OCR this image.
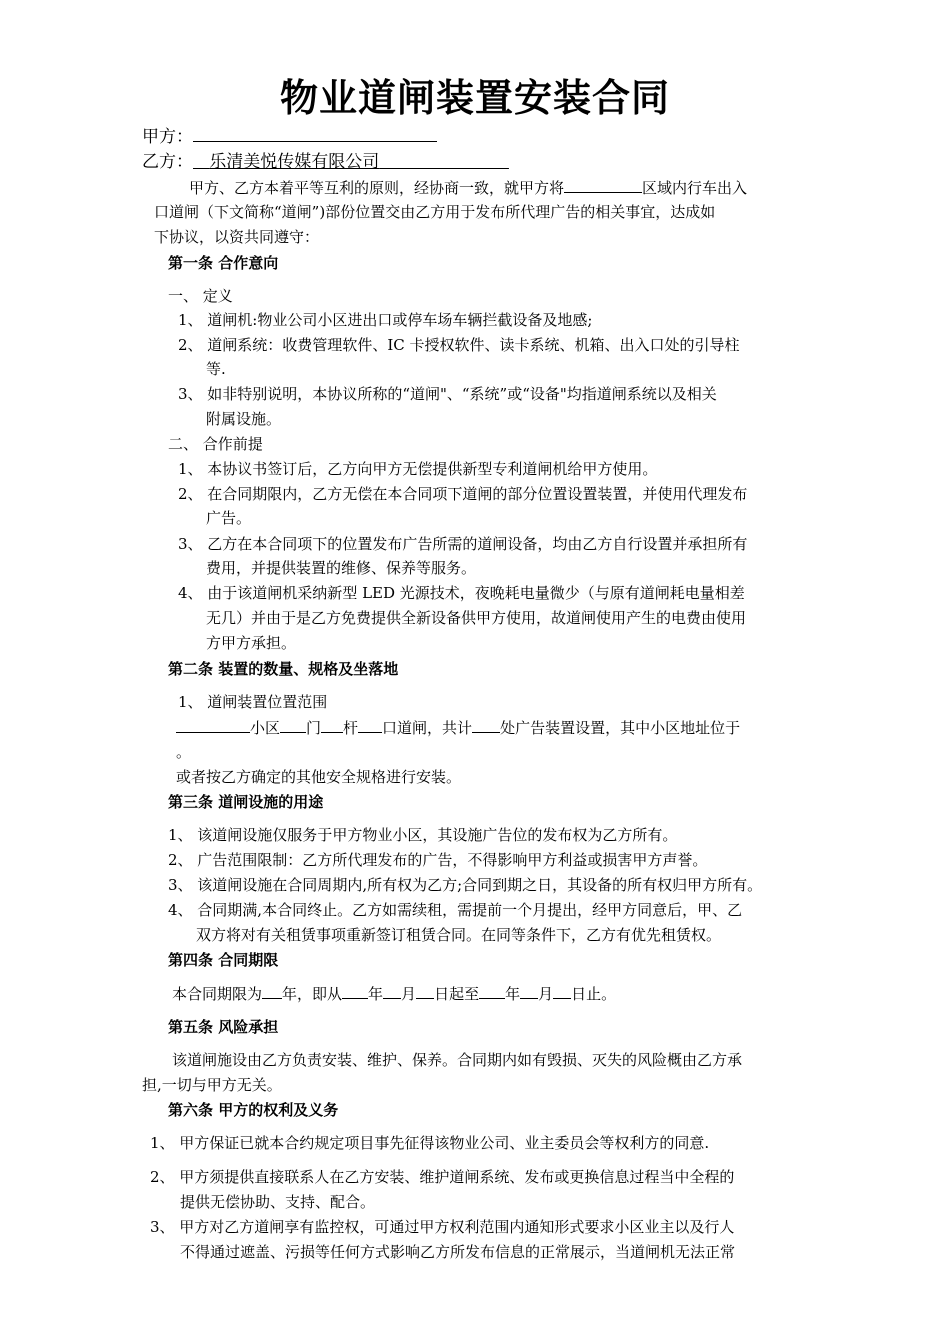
物业道闸装置安装合同
甲方：
乙方： 乐清美悦传媒有限公司
甲方、乙方本着平等互利的原则，经协商一致，就甲方将	区域内行车出入
口道闸（下文简称“道闸”)部份位置交由乙方用于发布所代理广告的相关事宜，达成如
下协议，以资共同遵守：
第一条 合作意向
一、 定义
1、 道闸机:物业公司小区进出口或停车场车辆拦截设备及地感;
2、 道闸系统：收费管理软件、IC 卡授权软件、读卡系统、机箱、出入口处的引导柱
等.
3、 如非特别说明，本协议所称的“道闸"、“系统”或“设备"均指道闸系统以及相关
附属设施。
二、 合作前提
1、 本协议书签订后，乙方向甲方无偿提供新型专利道闸机给甲方使用。
2、 在合同期限内，乙方无偿在本合同项下道闸的部分位置设置装置，并使用代理发布
广告。
3、 乙方在本合同项下的位置发布广告所需的道闸设备，均由乙方自行设置并承担所有
费用，并提供装置的维修、保养等服务。
4、 由于该道闸机采纳新型 LED 光源技术，夜晚耗电量微少（与原有道闸耗电量相差
无几）并由于是乙方免费提供全新设备供甲方使用，故道闸使用产生的电费由使用
方甲方承担。
第二条 装置的数量、规格及坐落地
1、 道闸装置位置范围
小区 门 杆 口道闸，共计 处广告装置设置，其中小区地址位于
。
或者按乙方确定的其他安全规格进行安装。
第三条 道闸设施的用途
1、 该道闸设施仅服务于甲方物业小区，其设施广告位的发布权为乙方所有。
2、 广告范围限制：乙方所代理发布的广告，不得影响甲方利益或损害甲方声誉。
3、 该道闸设施在合同周期内,所有权为乙方;合同到期之日，其设备的所有权归甲方所有。
4、 合同期满,本合同终止。乙方如需续租，需提前一个月提出，经甲方同意后，甲、乙
双方将对有关租赁事项重新签订租赁合同。在同等条件下，乙方有优先租赁权。
第四条 合同期限
本合同期限为 年，即从 年 月 日起至 年 月 日止。
第五条 风险承担
该道闸施设由乙方负责安装、维护、保养。合同期内如有毁损、灭失的风险概由乙方承
担,一切与甲方无关。
第六条 甲方的权利及义务
1、 甲方保证已就本合约规定项目事先征得该物业公司、业主委员会等权利方的同意.
2、 甲方须提供直接联系人在乙方安装、维护道闸系统、发布或更换信息过程当中全程的
提供无偿协助、支持、配合。
3、 甲方对乙方道闸享有监控权，可通过甲方权利范围内通知形式要求小区业主以及行人
不得通过遮盖、污损等任何方式影响乙方所发布信息的正常展示，当道闸机无法正常
